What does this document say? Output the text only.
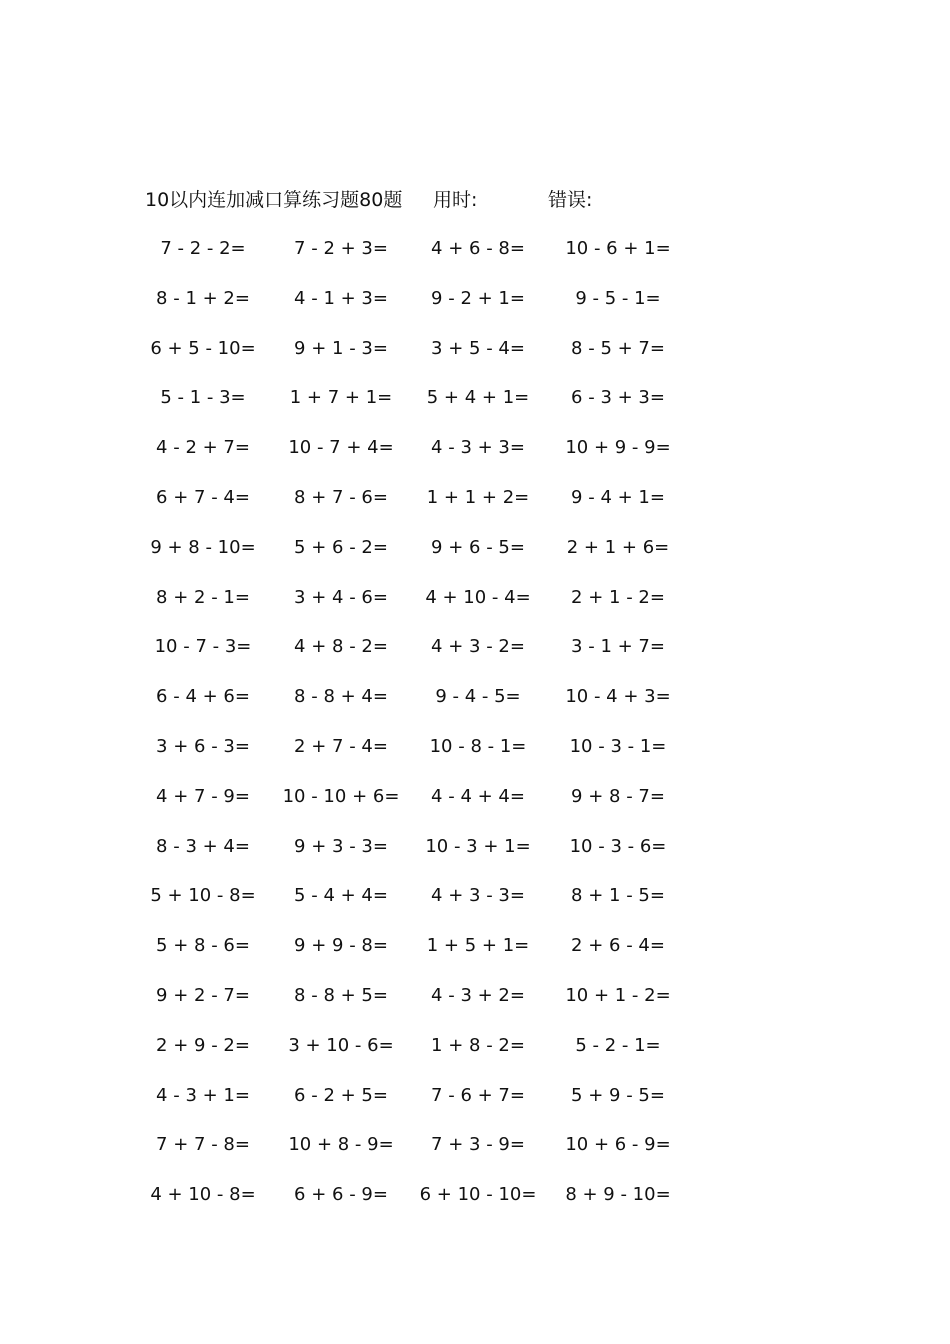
10以内连加减口算练习题80题 用时:	错误:
7 - 2 - 2=	7 - 2 + 3=	4 + 6 - 8=	10 - 6 + 1=
8 - 1 + 2=	4 - 1 + 3=	9 - 2 + 1=	9 - 5 - 1=
6 + 5 - 10=	9 + 1 - 3=	3 + 5 - 4=	8 - 5 + 7=
5 - 1 - 3=	1 + 7 + 1=	5 + 4 + 1=	6 - 3 + 3=
4 - 2 + 7=	10 - 7 + 4=	4 - 3 + 3=	10 + 9 - 9=
6 + 7 - 4=	8 + 7 - 6=	1 + 1 + 2=	9 - 4 + 1=
9 + 8 - 10=	5 + 6 - 2=	9 + 6 - 5=	2 + 1 + 6=
8 + 2 - 1=	3 + 4 - 6=	4 + 10 - 4=	2 + 1 - 2=
10 - 7 - 3=	4 + 8 - 2=	4 + 3 - 2=	3 - 1 + 7=
6 - 4 + 6=	8 - 8 + 4=	9 - 4 - 5=	10 - 4 + 3=
3 + 6 - 3=	2 + 7 - 4=	10 - 8 - 1=	10 - 3 - 1=
4 + 7 - 9=	10 - 10 + 6=	4 - 4 + 4=	9 + 8 - 7=
8 - 3 + 4=	9 + 3 - 3=	10 - 3 + 1=	10 - 3 - 6=
5 + 10 - 8=	5 - 4 + 4=	4 + 3 - 3=	8 + 1 - 5=
5 + 8 - 6=	9 + 9 - 8=	1 + 5 + 1=	2 + 6 - 4=
9 + 2 - 7=	8 - 8 + 5=	4 - 3 + 2=	10 + 1 - 2=
2 + 9 - 2=	3 + 10 - 6=	1 + 8 - 2=	5 - 2 - 1=
4 - 3 + 1=	6 - 2 + 5=	7 - 6 + 7=	5 + 9 - 5=
7 + 7 - 8=	10 + 8 - 9=	7 + 3 - 9=	10 + 6 - 9=
4 + 10 - 8=	6 + 6 - 9=	6 + 10 - 10=	8 + 9 - 10=
